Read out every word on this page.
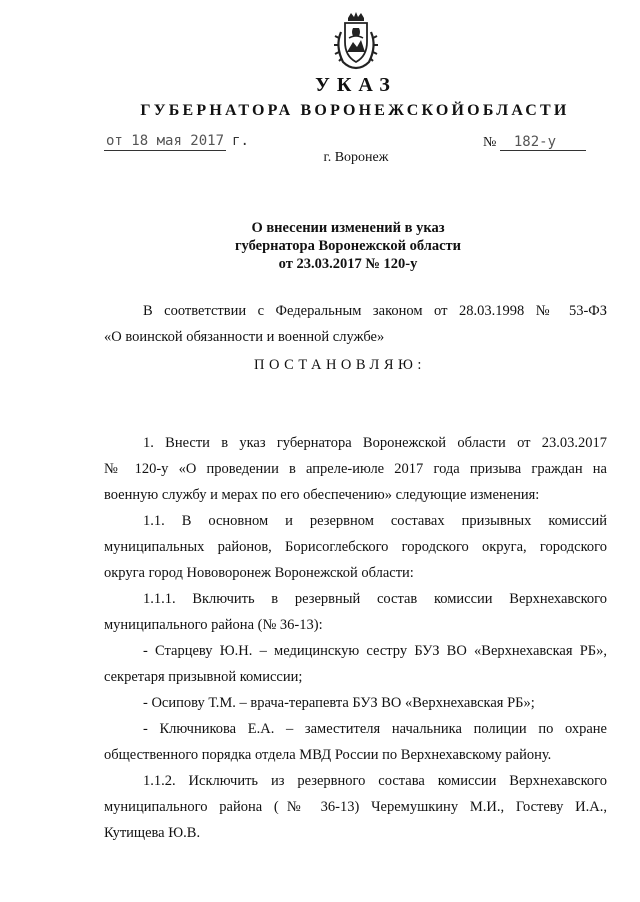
УКАЗ
ГУБЕРНАТОРА ВОРОНЕЖСКОЙОБЛАСТИ
от 18 мая 2017 г.	№ 182-у
г. Воронеж
О внесении изменений в указ
губернатора Воронежской области
от 23.03.2017 № 120-у
В соответствии с Федеральным законом от 28.03.1998 № 53-ФЗ
«О воинской обязанности и военной службе»
ПОСТАНОВЛЯЮ:
1. Внести в указ губернатора Воронежской области от 23.03.2017
№ 120-у «О проведении в апреле-июле 2017 года призыва граждан на
военную службу и мерах по его обеспечению» следующие изменения:
1.1. В основном и резервном составах призывных комиссий
муниципальных районов, Борисоглебского городского округа, городского
округа город Нововоронеж Воронежской области:
1.1.1. Включить в резервный состав комиссии Верхнехавского
муниципального района (№ 36-13):
- Старцеву Ю.Н. – медицинскую сестру БУЗ ВО «Верхнехавская РБ»,
секретаря призывной комиссии;
- Осипову Т.М. – врача-терапевта БУЗ ВО «Верхнехавская РБ»;
- Ключникова Е.А. – заместителя начальника полиции по охране
общественного порядка отдела МВД России по Верхнехавскому району.
1.1.2. Исключить из резервного состава комиссии Верхнехавского
муниципального района (№ 36-13) Черемушкину М.И., Гостеву И.А.,
Кутищева Ю.В.
